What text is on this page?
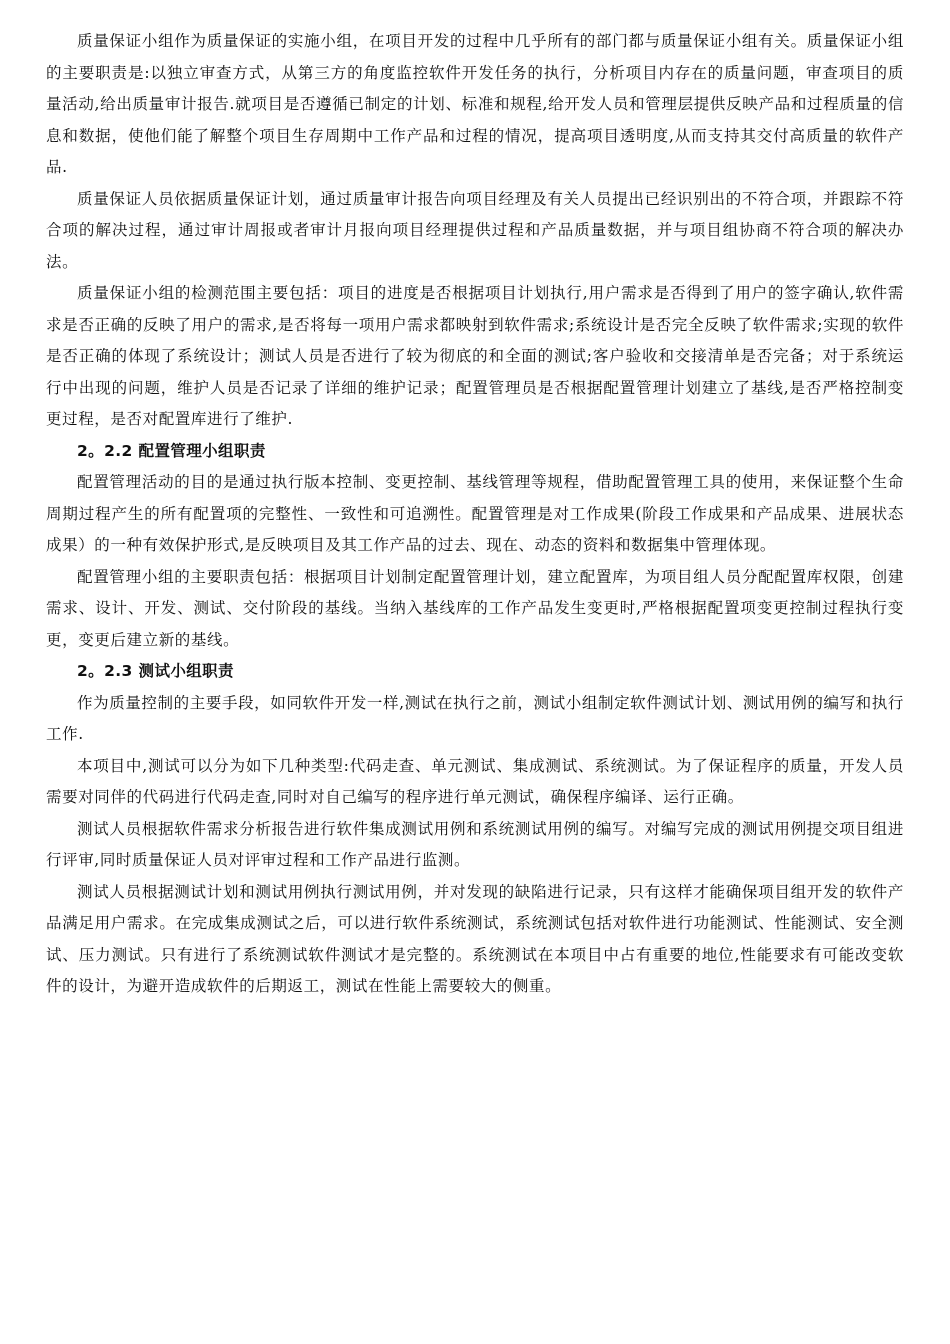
质量保证小组作为质量保证的实施小组，在项目开发的过程中几乎所有的部门都与质量保证小组有关。质量保证小组的主要职责是:以独立审查方式，从第三方的角度监控软件开发任务的执行，分析项目内存在的质量问题，审查项目的质量活动,给出质量审计报告.就项目是否遵循已制定的计划、标准和规程,给开发人员和管理层提供反映产品和过程质量的信息和数据，使他们能了解整个项目生存周期中工作产品和过程的情况，提高项目透明度,从而支持其交付高质量的软件产品.

质量保证人员依据质量保证计划，通过质量审计报告向项目经理及有关人员提出已经识别出的不符合项，并跟踪不符合项的解决过程，通过审计周报或者审计月报向项目经理提供过程和产品质量数据，并与项目组协商不符合项的解决办法。

质量保证小组的检测范围主要包括：项目的进度是否根据项目计划执行,用户需求是否得到了用户的签字确认,软件需求是否正确的反映了用户的需求,是否将每一项用户需求都映射到软件需求;系统设计是否完全反映了软件需求;实现的软件是否正确的体现了系统设计；测试人员是否进行了较为彻底的和全面的测试;客户验收和交接清单是否完备；对于系统运行中出现的问题，维护人员是否记录了详细的维护记录；配置管理员是否根据配置管理计划建立了基线,是否严格控制变更过程，是否对配置库进行了维护.

2。2.2 配置管理小组职责

配置管理活动的目的是通过执行版本控制、变更控制、基线管理等规程，借助配置管理工具的使用，来保证整个生命周期过程产生的所有配置项的完整性、一致性和可追溯性。配置管理是对工作成果(阶段工作成果和产品成果、进展状态成果）的一种有效保护形式,是反映项目及其工作产品的过去、现在、动态的资料和数据集中管理体现。

配置管理小组的主要职责包括：根据项目计划制定配置管理计划，建立配置库，为项目组人员分配配置库权限，创建需求、设计、开发、测试、交付阶段的基线。当纳入基线库的工作产品发生变更时,严格根据配置项变更控制过程执行变更，变更后建立新的基线。

2。2.3 测试小组职责

作为质量控制的主要手段，如同软件开发一样,测试在执行之前，测试小组制定软件测试计划、测试用例的编写和执行工作.

本项目中,测试可以分为如下几种类型:代码走查、单元测试、集成测试、系统测试。为了保证程序的质量，开发人员需要对同伴的代码进行代码走查,同时对自己编写的程序进行单元测试，确保程序编译、运行正确。

测试人员根据软件需求分析报告进行软件集成测试用例和系统测试用例的编写。对编写完成的测试用例提交项目组进行评审,同时质量保证人员对评审过程和工作产品进行监测。

测试人员根据测试计划和测试用例执行测试用例，并对发现的缺陷进行记录，只有这样才能确保项目组开发的软件产品满足用户需求。在完成集成测试之后，可以进行软件系统测试，系统测试包括对软件进行功能测试、性能测试、安全测试、压力测试。只有进行了系统测试软件测试才是完整的。系统测试在本项目中占有重要的地位,性能要求有可能改变软件的设计，为避开造成软件的后期返工，测试在性能上需要较大的侧重。
